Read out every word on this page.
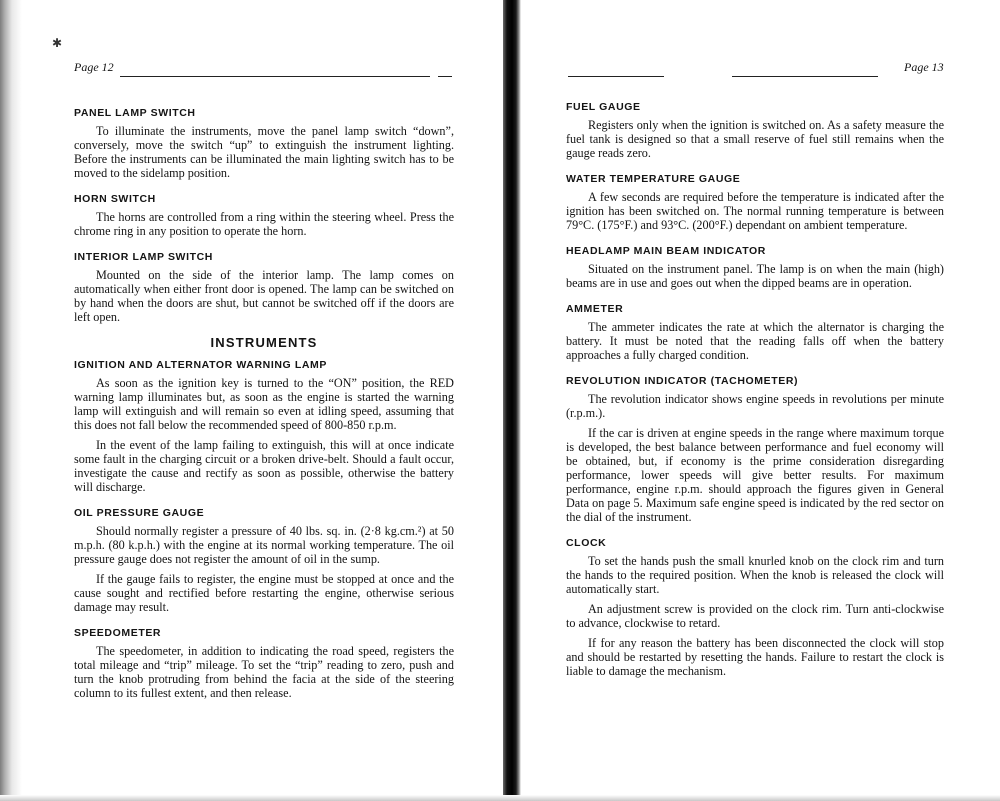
✱
Page 12
PANEL LAMP SWITCH

To illuminate the instruments, move the panel lamp switch “down”, conversely, move the switch “up” to extinguish the instrument lighting. Before the instruments can be illuminated the main lighting switch has to be moved to the sidelamp position.

HORN SWITCH

The horns are controlled from a ring within the steering wheel. Press the chrome ring in any position to operate the horn.

INTERIOR LAMP SWITCH

Mounted on the side of the interior lamp. The lamp comes on automatically when either front door is opened. The lamp can be switched on by hand when the doors are shut, but cannot be switched off if the doors are left open.

INSTRUMENTS
IGNITION AND ALTERNATOR WARNING LAMP

As soon as the ignition key is turned to the “ON” position, the RED warning lamp illuminates but, as soon as the engine is started the warning lamp will extinguish and will remain so even at idling speed, assuming that this does not fall below the recommended speed of 800-850 r.p.m.

In the event of the lamp failing to extinguish, this will at once indicate some fault in the charging circuit or a broken drive-belt. Should a fault occur, investigate the cause and rectify as soon as possible, otherwise the battery will discharge.

OIL PRESSURE GAUGE

Should normally register a pressure of 40 lbs. sq. in. (2·8 kg.cm.²) at 50 m.p.h. (80 k.p.h.) with the engine at its normal working temperature. The oil pressure gauge does not register the amount of oil in the sump.

If the gauge fails to register, the engine must be stopped at once and the cause sought and rectified before restarting the engine, otherwise serious damage may result.

SPEEDOMETER

The speedometer, in addition to indicating the road speed, registers the total mileage and “trip” mileage. To set the “trip” reading to zero, push and turn the knob protruding from behind the facia at the side of the steering column to its fullest extent, and then release.

Page 13
FUEL GAUGE

Registers only when the ignition is switched on. As a safety measure the fuel tank is designed so that a small reserve of fuel still remains when the gauge reads zero.

WATER TEMPERATURE GAUGE

A few seconds are required before the temperature is indicated after the ignition has been switched on. The normal running temperature is between 79°C. (175°F.) and 93°C. (200°F.) dependant on ambient temperature.

HEADLAMP MAIN BEAM INDICATOR

Situated on the instrument panel. The lamp is on when the main (high) beams are in use and goes out when the dipped beams are in operation.

AMMETER

The ammeter indicates the rate at which the alternator is charging the battery. It must be noted that the reading falls off when the battery approaches a fully charged condition.

REVOLUTION INDICATOR (TACHOMETER)

The revolution indicator shows engine speeds in revolutions per minute (r.p.m.).

If the car is driven at engine speeds in the range where maximum torque is developed, the best balance between performance and fuel economy will be obtained, but, if economy is the prime consideration disregarding performance, lower speeds will give better results. For maximum performance, engine r.p.m. should approach the figures given in General Data on page 5. Maximum safe engine speed is indicated by the red sector on the dial of the instrument.

CLOCK

To set the hands push the small knurled knob on the clock rim and turn the hands to the required position. When the knob is released the clock will automatically start.

An adjustment screw is provided on the clock rim. Turn anti-clockwise to advance, clockwise to retard.

If for any reason the battery has been disconnected the clock will stop and should be restarted by resetting the hands. Failure to restart the clock is liable to damage the mechanism.
